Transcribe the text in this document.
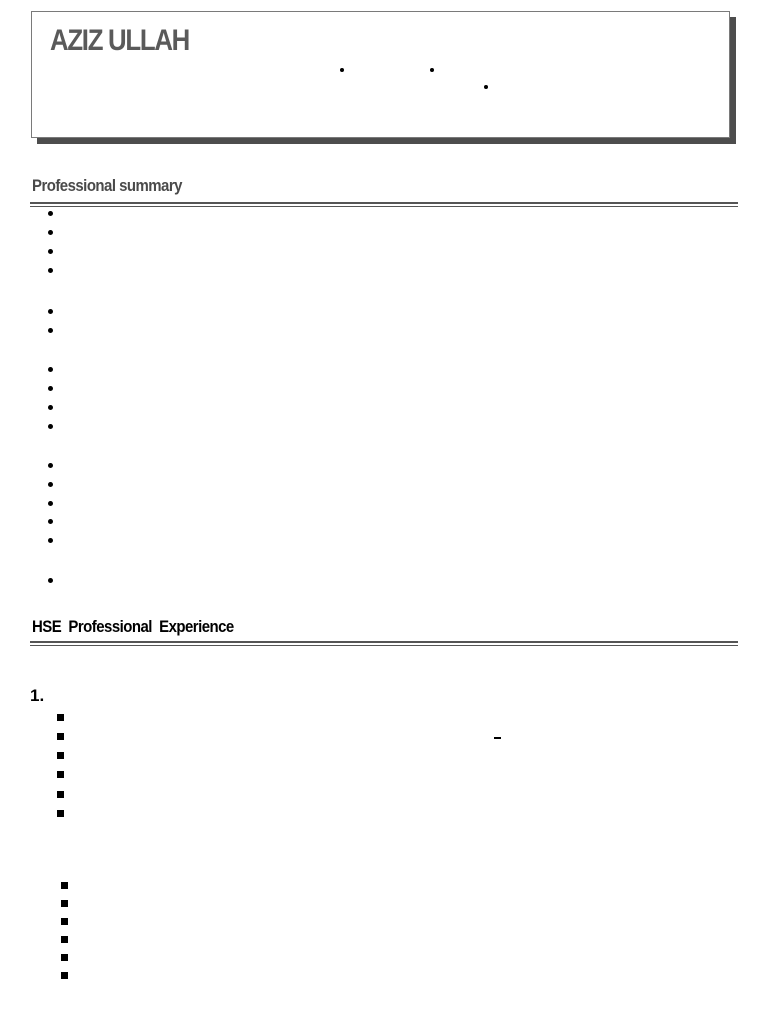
AZIZ ULLAH
Professional summary
HSE  Professional  Experience
1.
